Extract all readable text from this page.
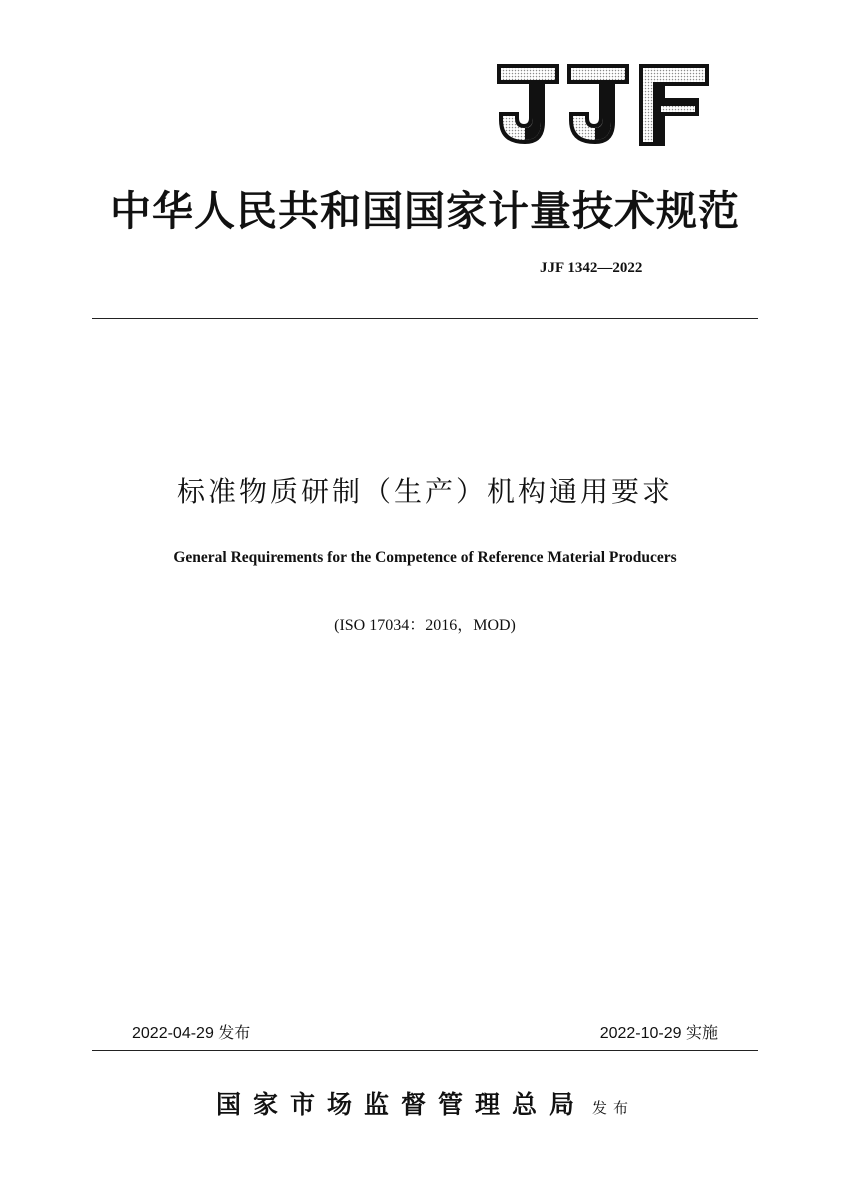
中华人民共和国国家计量技术规范
JJF 1342—2022
标准物质研制（生产）机构通用要求
General Requirements for the Competence of Reference Material Producers
(ISO 17034：2016，MOD)
2022-04-29 发布	2022-10-29 实施
国家市场监督管理总局 发布
